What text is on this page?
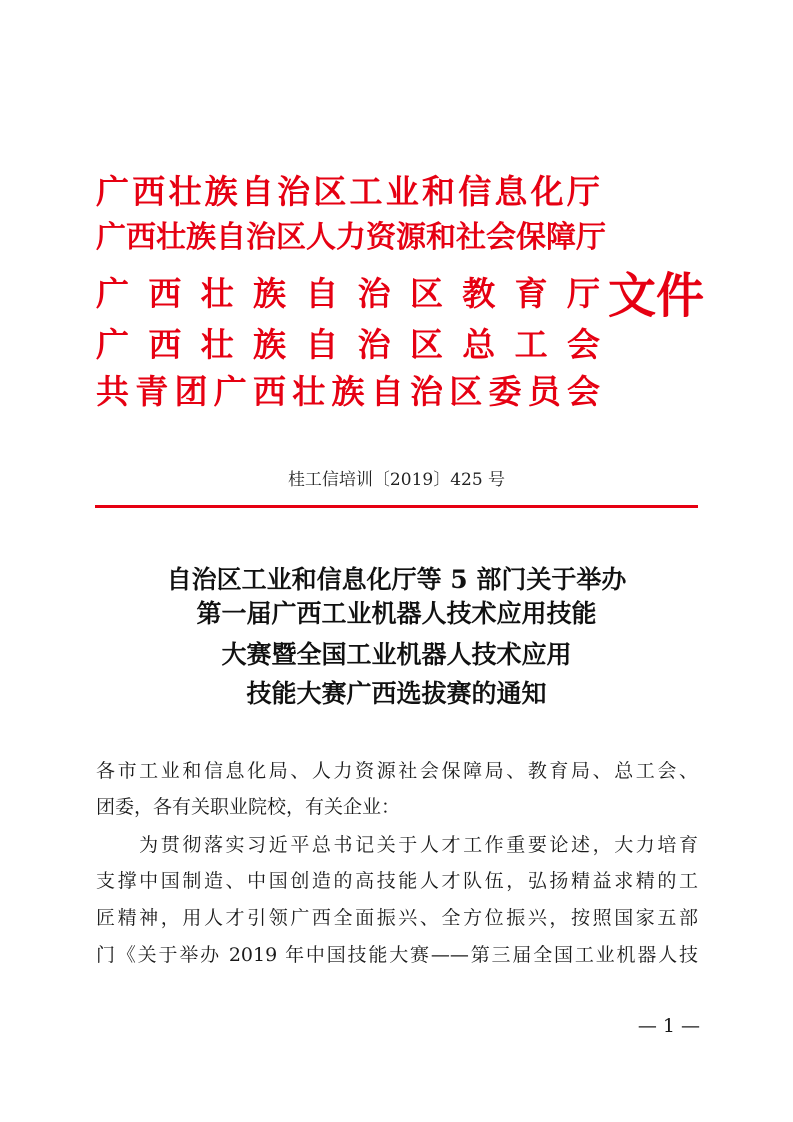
广 西 壮 族 自 治 区 工 业 和 信 息 化 厅
广 西 壮 族 自 治 区 人 力 资 源 和 社 会 保 障 厅
广 西 壮 族 自 治 区 教 育 厅
广 西 壮 族 自 治 区 总 工 会
共 青 团 广 西 壮 族 自 治 区 委 员 会
文件
桂工信培训〔2019〕425 号
自治区工业和信息化厅等 5 部门关于举办
第一届广西工业机器人技术应用技能
大赛暨全国工业机器人技术应用
技能大赛广西选拔赛的通知
各市工业和信息化局、人力资源社会保障局、教育局、总工会、
团委，各有关职业院校，有关企业：
　　为贯彻落实习近平总书记关于人才工作重要论述，大力培育
支撑中国制造、中国创造的高技能人才队伍，弘扬精益求精的工
匠精神，用人才引领广西全面振兴、全方位振兴，按照国家五部
门《关于举办 2019 年中国技能大赛——第三届全国工业机器人技
— 1 —
